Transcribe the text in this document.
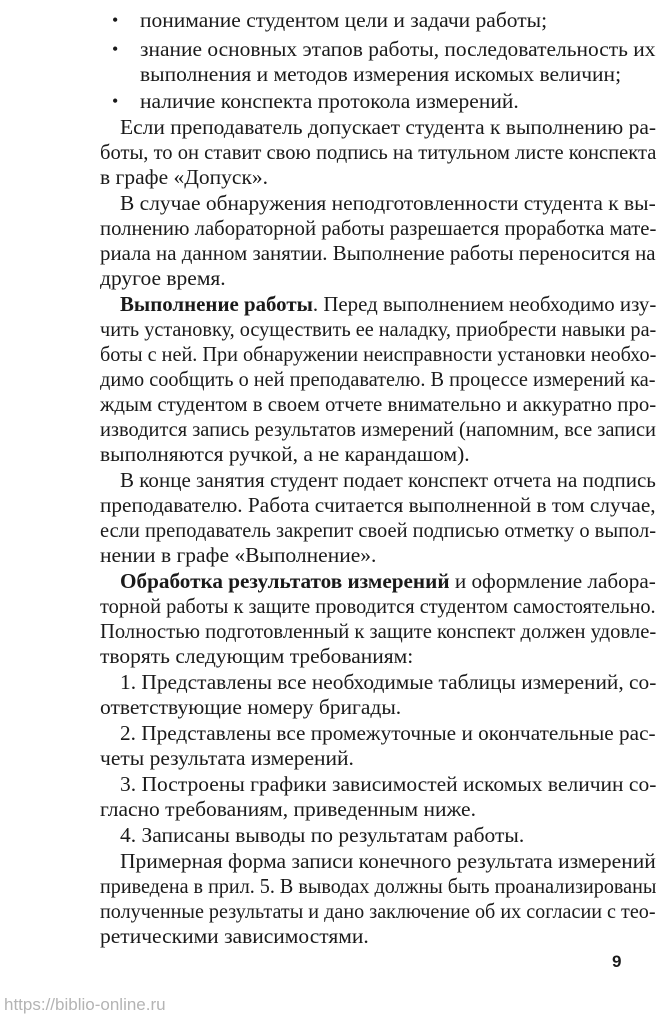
• понимание студентом цели и задачи работы;
• знание основных этапов работы, последовательность их
выполнения и методов измерения искомых величин;
• наличие конспекта протокола измерений.
Если преподаватель допускает студента к выполнению ра-
боты, то он ставит свою подпись на титульном листе конспекта
в графе «Допуск».
В случае обнаружения неподготовленности студента к вы-
полнению лабораторной работы разрешается проработка мате-
риала на данном занятии. Выполнение работы переносится на
другое время.
Выполнение работы. Перед выполнением необходимо изу-
чить установку, осуществить ее наладку, приобрести навыки ра-
боты с ней. При обнаружении неисправности установки необхо-
димо сообщить о ней преподавателю. В процессе измерений ка-
ждым студентом в своем отчете внимательно и аккуратно про-
изводится запись результатов измерений (напомним, все записи
выполняются ручкой, а не карандашом).
В конце занятия студент подает конспект отчета на подпись
преподавателю. Работа считается выполненной в том случае,
если преподаватель закрепит своей подписью отметку о выпол-
нении в графе «Выполнение».
Обработка результатов измерений и оформление лабора-
торной работы к защите проводится студентом самостоятельно.
Полностью подготовленный к защите конспект должен удовле-
творять следующим требованиям:
1. Представлены все необходимые таблицы измерений, со-
ответствующие номеру бригады.
2. Представлены все промежуточные и окончательные рас-
четы результата измерений.
3. Построены графики зависимостей искомых величин со-
гласно требованиям, приведенным ниже.
4. Записаны выводы по результатам работы.
Примерная форма записи конечного результата измерений
приведена в прил. 5. В выводах должны быть проанализированы
полученные результаты и дано заключение об их согласии с тео-
ретическими зависимостями.
9
https://biblio-online.ru
